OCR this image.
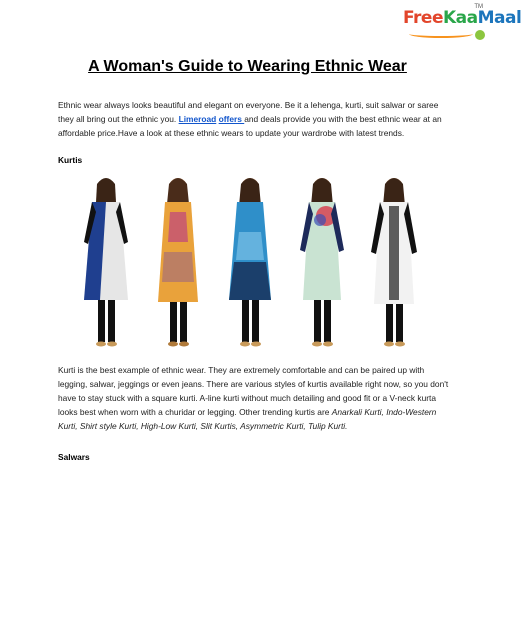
FreeKaaMaal
TM
A Woman's Guide to Wearing Ethnic Wear

Ethnic wear always looks beautiful and elegant on everyone. Be it a lehenga, kurti, suit salwar or saree they all bring out the ethnic you. Limeroad offers and deals provide you with the best ethnic wear at an affordable price.Have a look at these ethnic wears to update your wardrobe with latest trends.

Kurtis

Kurti is the best example of ethnic wear. They are extremely comfortable and can be paired up with legging, salwar, jeggings or even jeans. There are various styles of kurtis available right now, so you don't have to stay stuck with a square kurti. A-line kurti without much detailing and good fit or a V-neck kurta looks best when worn with a churidar or legging. Other trending kurtis are Anarkali Kurti, Indo-Western Kurti, Shirt style Kurti, High-Low Kurti, Slit Kurtis, Asymmetric Kurti, Tulip Kurti.

Salwars
